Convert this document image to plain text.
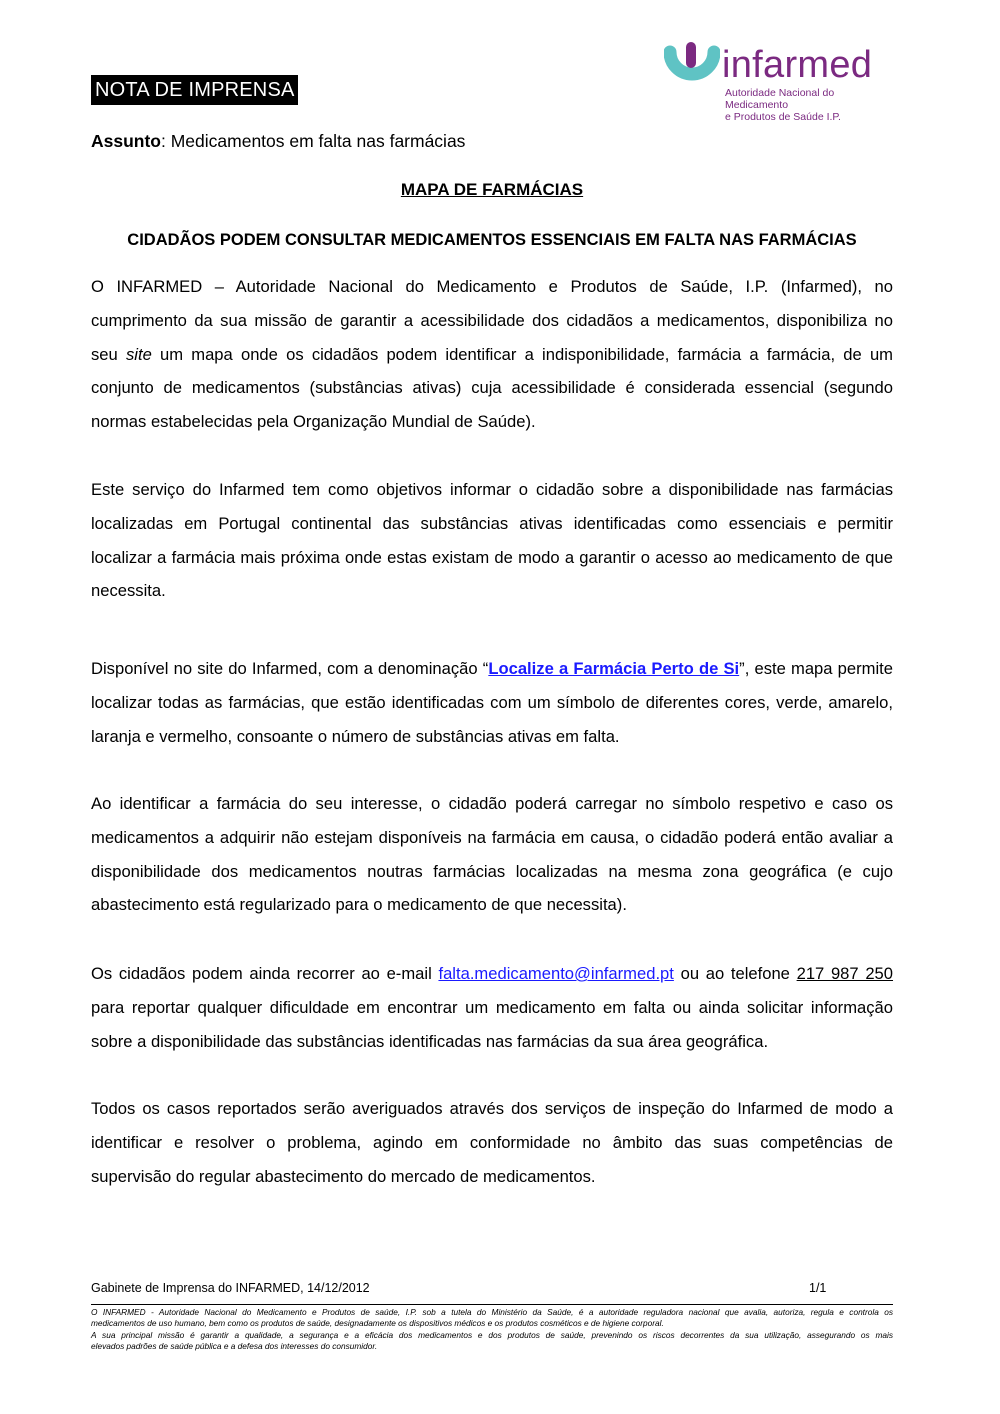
NOTA DE IMPRENSA
infarmed
Autoridade Nacional do Medicamento
e Produtos de Saúde I.P.
Assunto: Medicamentos em falta nas farmácias
MAPA DE FARMÁCIAS
CIDADÃOS PODEM CONSULTAR MEDICAMENTOS ESSENCIAIS EM FALTA NAS FARMÁCIAS
O INFARMED – Autoridade Nacional do Medicamento e Produtos de Saúde, I.P. (Infarmed), no
cumprimento da sua missão de garantir a acessibilidade dos cidadãos a medicamentos, disponibiliza no
seu site um mapa onde os cidadãos podem identificar a indisponibilidade, farmácia a farmácia, de um
conjunto de medicamentos (substâncias ativas) cuja acessibilidade é considerada essencial (segundo
normas estabelecidas pela Organização Mundial de Saúde).
Este serviço do Infarmed tem como objetivos informar o cidadão sobre a disponibilidade nas farmácias
localizadas em Portugal continental das substâncias ativas identificadas como essenciais e permitir
localizar a farmácia mais próxima onde estas existam de modo a garantir o acesso ao medicamento de que
necessita.
Disponível no site do Infarmed, com a denominação “Localize a Farmácia Perto de Si”, este mapa permite
localizar todas as farmácias, que estão identificadas com um símbolo de diferentes cores, verde, amarelo,
laranja e vermelho, consoante o número de substâncias ativas em falta.
Ao identificar a farmácia do seu interesse, o cidadão poderá carregar no símbolo respetivo e caso os
medicamentos a adquirir não estejam disponíveis na farmácia em causa, o cidadão poderá então avaliar a
disponibilidade dos medicamentos noutras farmácias localizadas na mesma zona geográfica (e cujo
abastecimento está regularizado para o medicamento de que necessita).
Os cidadãos podem ainda recorrer ao e-mail falta.medicamento@infarmed.pt ou ao telefone 217 987 250
para reportar qualquer dificuldade em encontrar um medicamento em falta ou ainda solicitar informação
sobre a disponibilidade das substâncias identificadas nas farmácias da sua área geográfica.
Todos os casos reportados serão averiguados através dos serviços de inspeção do Infarmed de modo a
identificar e resolver o problema, agindo em conformidade no âmbito das suas competências de
supervisão do regular abastecimento do mercado de medicamentos.
Gabinete de Imprensa do INFARMED, 14/12/2012	1/1
O INFARMED - Autoridade Nacional do Medicamento e Produtos de saúde, I.P. sob a tutela do Ministério da Saúde, é a autoridade reguladora nacional que avalia, autoriza, regula e controla os
medicamentos de uso humano, bem como os produtos de saúde, designadamente os dispositivos médicos e os produtos cosméticos e de higiene corporal.
A sua principal missão é garantir a qualidade, a segurança e a eficácia dos medicamentos e dos produtos de saúde, prevenindo os riscos decorrentes da sua utilização, assegurando os mais
elevados padrões de saúde pública e a defesa dos interesses do consumidor.
